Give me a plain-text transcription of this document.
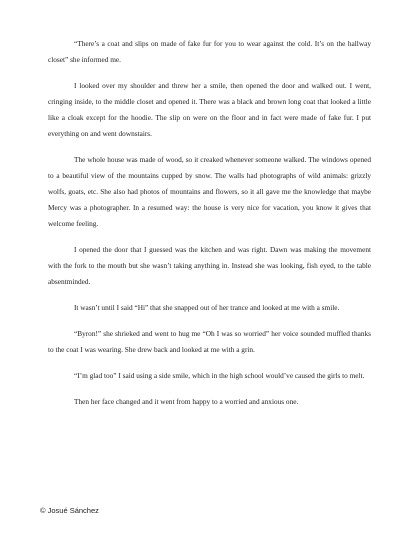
“There’s a coat and slips on made of fake fur for you to wear against the cold. It’s on the hallway closet” she informed me.

I looked over my shoulder and threw her a smile, then opened the door and walked out. I went, cringing inside, to the middle closet and opened it. There was a black and brown long coat that looked a little like a cloak except for the hoodie. The slip on were on the floor and in fact were made of fake fur. I put everything on and went downstairs.

The whole house was made of wood, so it creaked whenever someone walked. The windows opened to a beautiful view of the mountains cupped by snow. The walls had photographs of wild animals: grizzly wolfs, goats, etc. She also had photos of mountains and flowers, so it all gave me the knowledge that maybe Mercy was a photographer. In a resumed way: the house is very nice for vacation, you know it gives that welcome feeling.

I opened the door that I guessed was the kitchen and was right. Dawn was making the movement with the fork to the mouth but she wasn’t taking anything in. Instead she was looking, fish eyed, to the table absentminded.

It wasn’t until I said “Hi” that she snapped out of her trance and looked at me with a smile.

“Byron!” she shrieked and went to hug me “Oh I was so worried” her voice sounded muffled thanks to the coat I was wearing. She drew back and looked at me with a grin.

“I’m glad too” I said using a side smile, which in the high school would’ve caused the girls to melt.

Then her face changed and it went from happy to a worried and anxious one.

© Josué Sánchez
